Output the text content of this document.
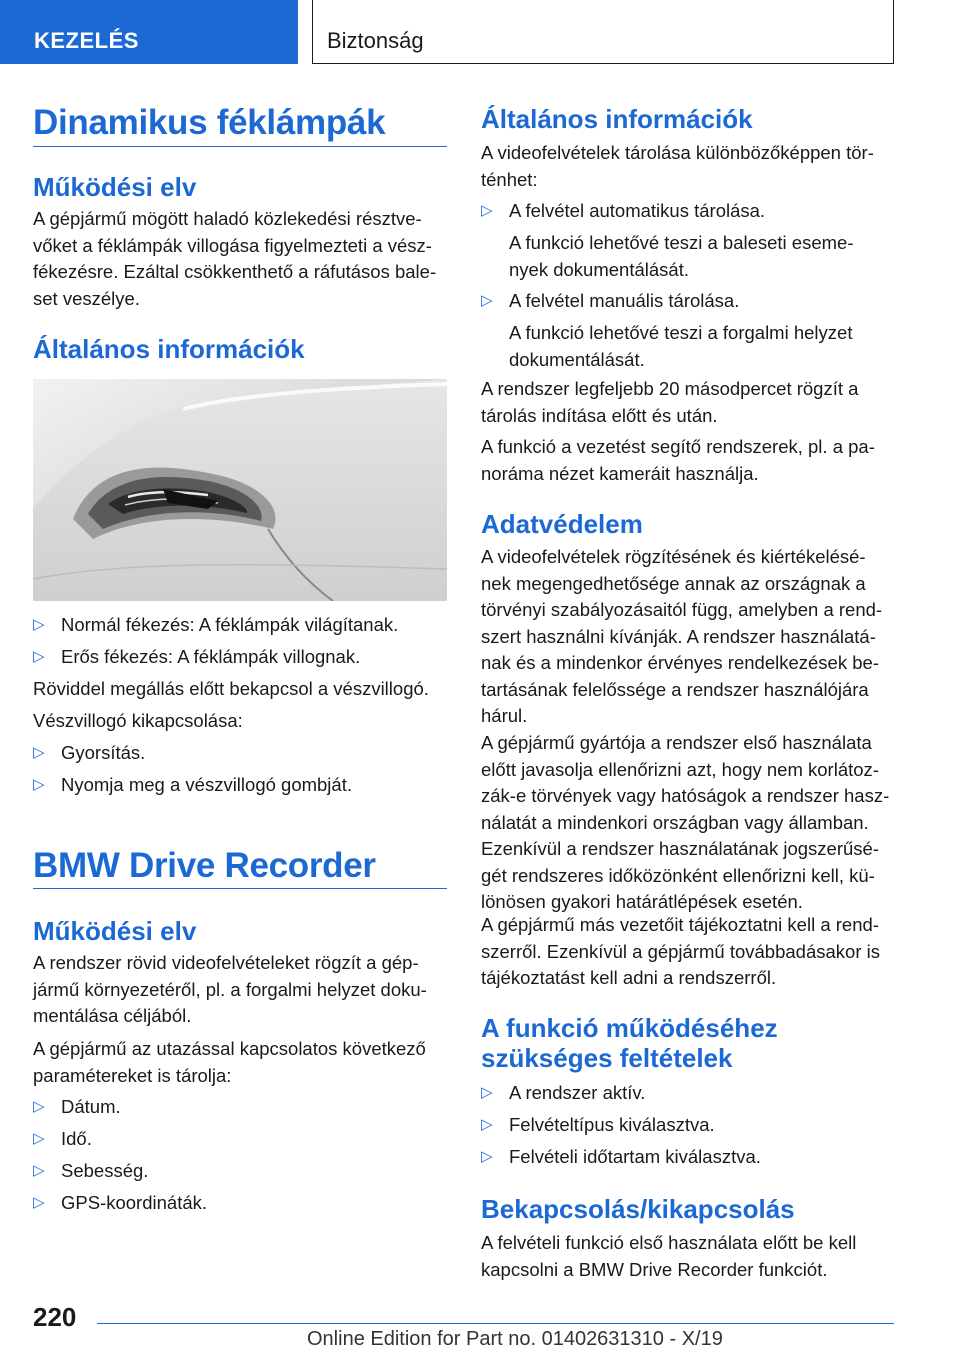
KEZELÉS	Biztonság
Dinamikus féklámpák
Működési elv
A gépjármű mögött haladó közlekedési résztve-
vőket a féklámpák villogása figyelmezteti a vész-
fékezésre. Ezáltal csökkenthető a ráfutásos bale-
set veszélye.
Általános információk
▷ Normál fékezés: A féklámpák világítanak.
▷ Erős fékezés: A féklámpák villognak.
Röviddel megállás előtt bekapcsol a vészvillogó.
Vészvillogó kikapcsolása:
▷ Gyorsítás.
▷ Nyomja meg a vészvillogó gombját.
BMW Drive Recorder
Működési elv
A rendszer rövid videofelvételeket rögzít a gép-
jármű környezetéről, pl. a forgalmi helyzet doku-
mentálása céljából.
A gépjármű az utazással kapcsolatos következő
paramétereket is tárolja:
▷ Dátum.
▷ Idő.
▷ Sebesség.
▷ GPS-koordináták.
Általános információk
A videofelvételek tárolása különbözőképpen tör-
ténhet:
▷ A felvétel automatikus tárolása.
A funkció lehetővé teszi a baleseti eseme-
nyek dokumentálását.
▷ A felvétel manuális tárolása.
A funkció lehetővé teszi a forgalmi helyzet
dokumentálását.
A rendszer legfeljebb 20 másodpercet rögzít a
tárolás indítása előtt és után.
A funkció a vezetést segítő rendszerek, pl. a pa-
noráma nézet kameráit használja.
Adatvédelem
A videofelvételek rögzítésének és kiértékelésé-
nek megengedhetősége annak az országnak a
törvényi szabályozásaitól függ, amelyben a rend-
szert használni kívánják. A rendszer használatá-
nak és a mindenkor érvényes rendelkezések be-
tartásának felelőssége a rendszer használójára
hárul.
A gépjármű gyártója a rendszer első használata
előtt javasolja ellenőrizni azt, hogy nem korlátoz-
zák-e törvények vagy hatóságok a rendszer hasz-
nálatát a mindenkori országban vagy államban.
Ezenkívül a rendszer használatának jogszerűsé-
gét rendszeres időközönként ellenőrizni kell, kü-
lönösen gyakori határátlépések esetén.
A gépjármű más vezetőit tájékoztatni kell a rend-
szerről. Ezenkívül a gépjármű továbbadásakor is
tájékoztatást kell adni a rendszerről.
A funkció működéséhez
szükséges feltételek
▷ A rendszer aktív.
▷ Felvételtípus kiválasztva.
▷ Felvételi időtartam kiválasztva.
Bekapcsolás/kikapcsolás
A felvételi funkció első használata előtt be kell
kapcsolni a BMW Drive Recorder funkciót.
220
Online Edition for Part no. 01402631310 - X/19
